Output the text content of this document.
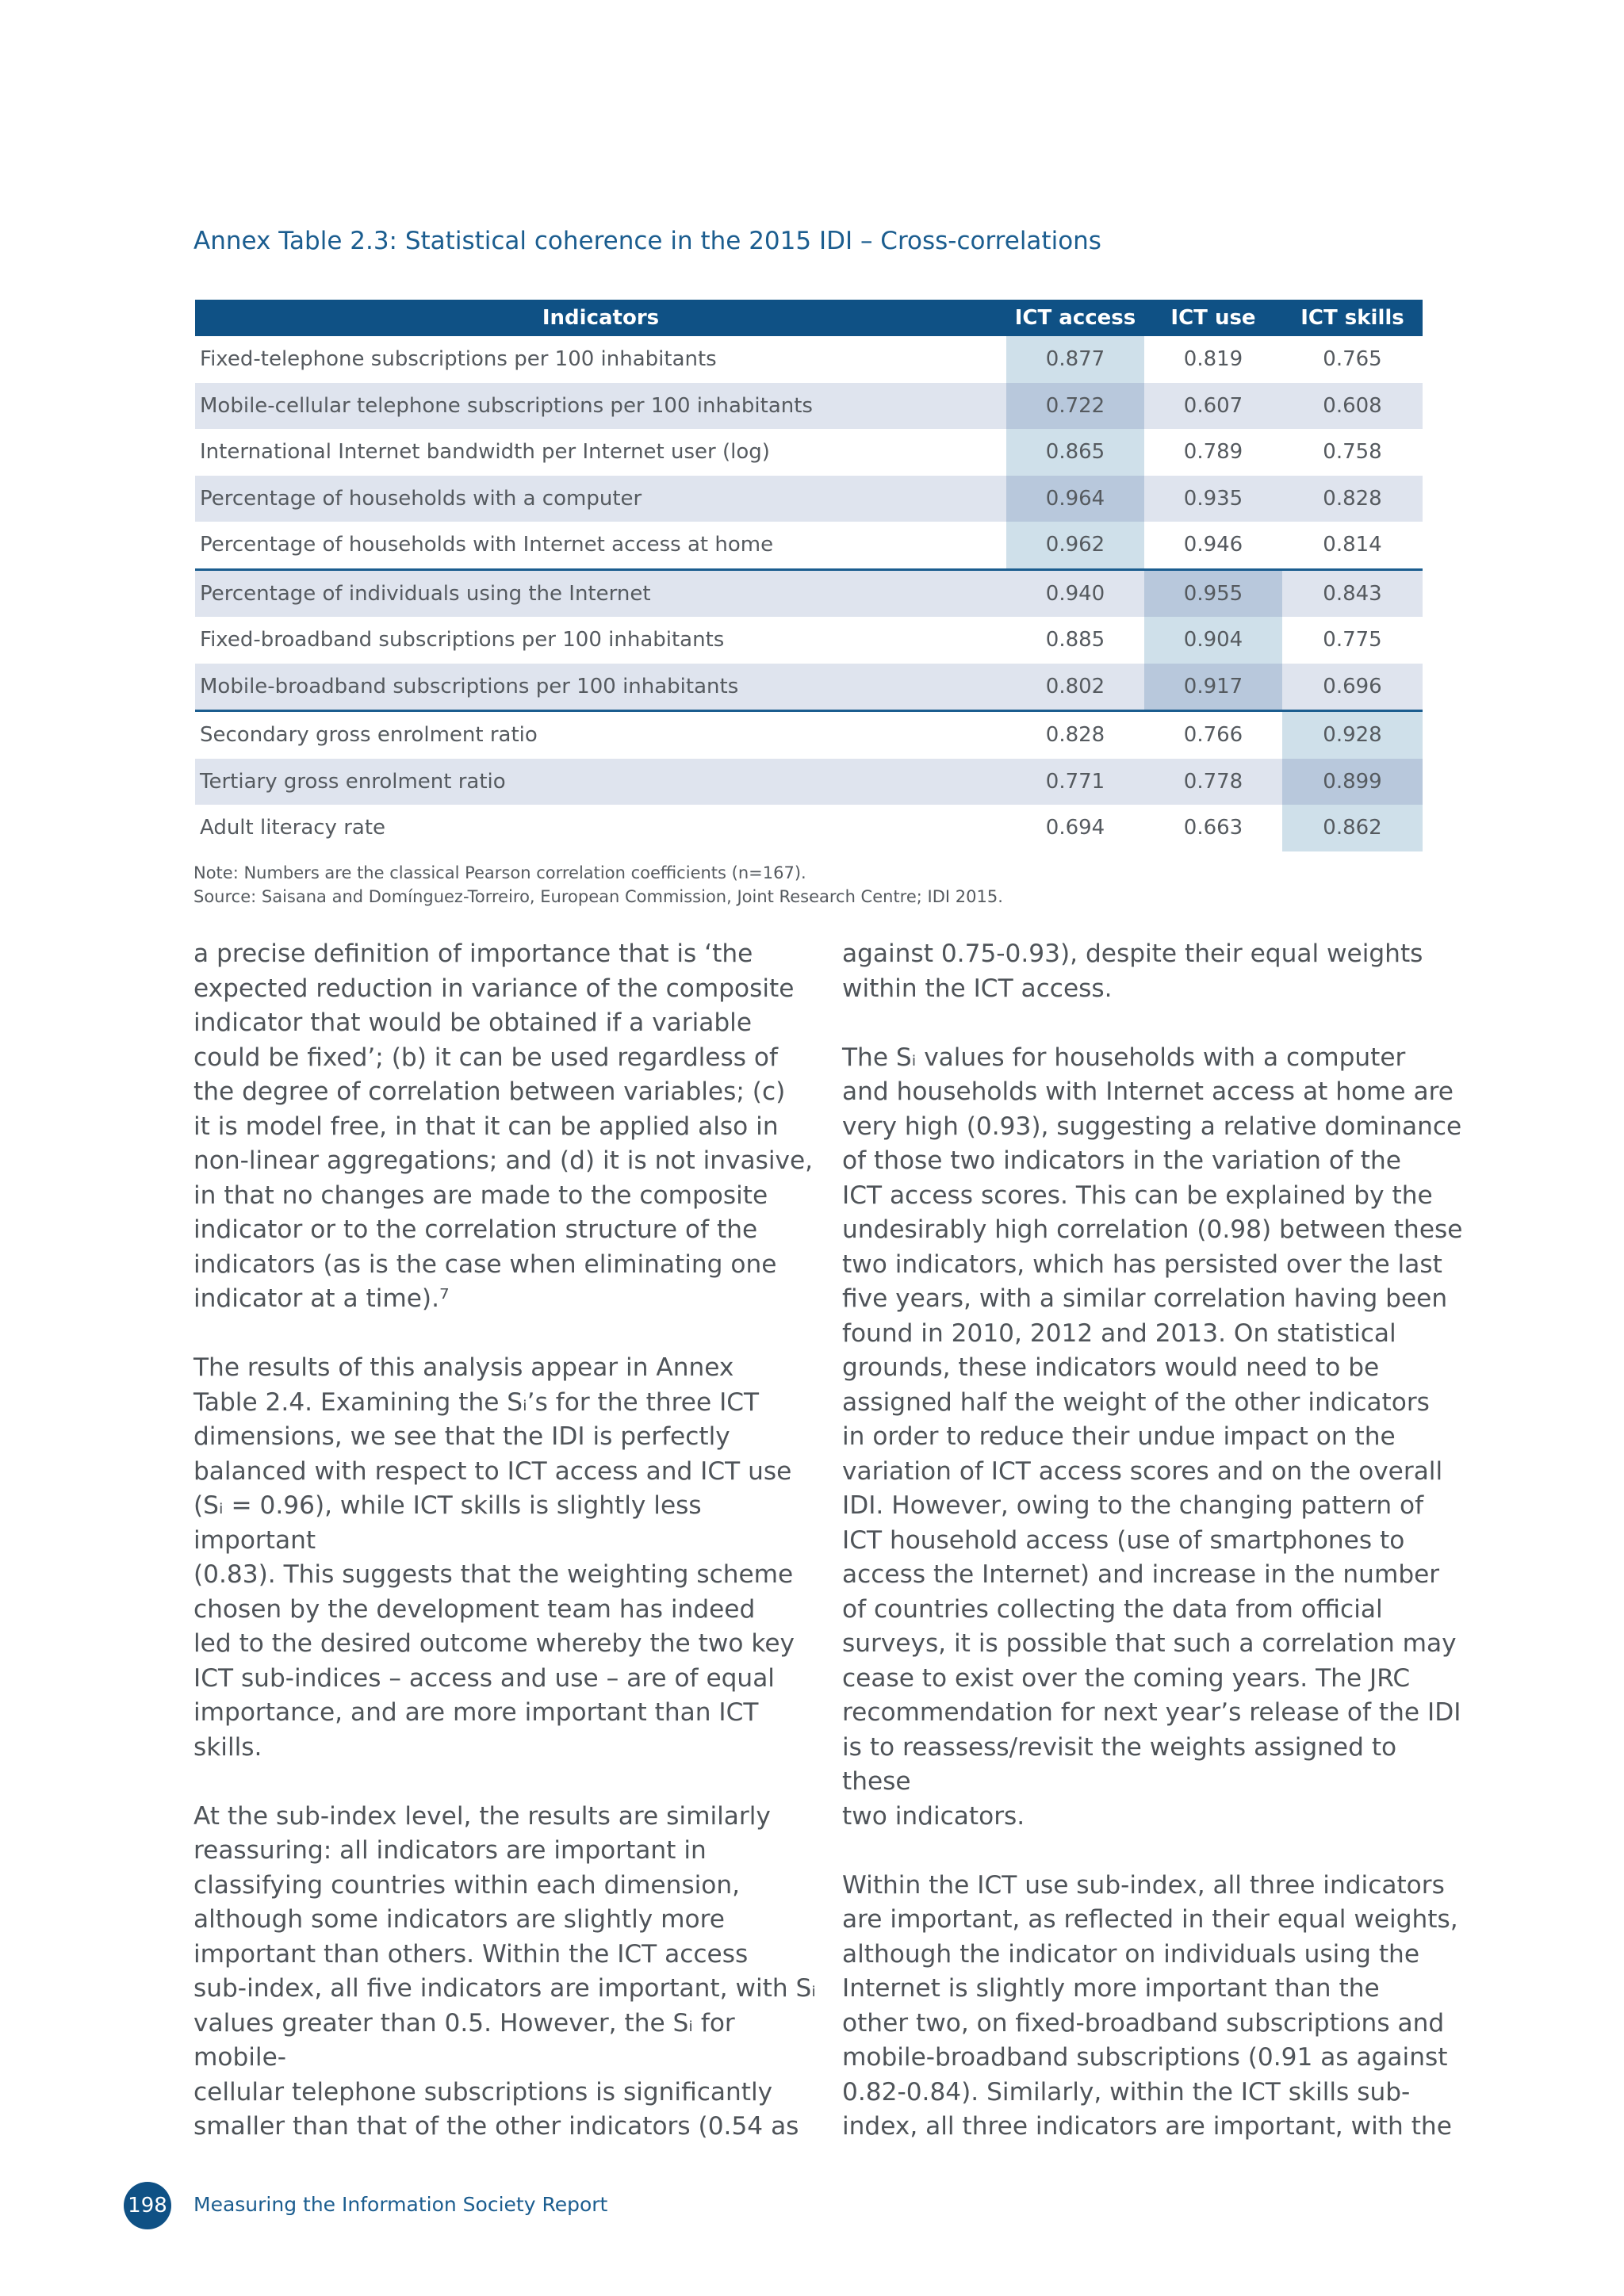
Annex Table 2.3: Statistical coherence in the 2015 IDI – Cross-correlations
Indicators	ICT access	ICT use	ICT skills
Fixed-telephone subscriptions per 100 inhabitants	0.877	0.819	0.765
Mobile-cellular telephone subscriptions per 100 inhabitants	0.722	0.607	0.608
International Internet bandwidth per Internet user (log)	0.865	0.789	0.758
Percentage of households with a computer	0.964	0.935	0.828
Percentage of households with Internet access at home	0.962	0.946	0.814
Percentage of individuals using the Internet	0.940	0.955	0.843
Fixed-broadband subscriptions per 100 inhabitants	0.885	0.904	0.775
Mobile-broadband subscriptions per 100 inhabitants	0.802	0.917	0.696
Secondary gross enrolment ratio	0.828	0.766	0.928
Tertiary gross enrolment ratio	0.771	0.778	0.899
Adult literacy rate	0.694	0.663	0.862
Note: Numbers are the classical Pearson correlation coefficients (n=167).
Source: Saisana and Domínguez-Torreiro, European Commission, Joint Research Centre; IDI 2015.

a precise definition of importance that is ‘the
expected reduction in variance of the composite
indicator that would be obtained if a variable
could be fixed’; (b) it can be used regardless of
the degree of correlation between variables; (c)
it is model free, in that it can be applied also in
non-linear aggregations; and (d) it is not invasive,
in that no changes are made to the composite
indicator or to the correlation structure of the
indicators (as is the case when eliminating one
indicator at a time).⁷

The results of this analysis appear in Annex
Table 2.4. Examining the Sᵢ’s for the three ICT
dimensions, we see that the IDI is perfectly
balanced with respect to ICT access and ICT use
(Sᵢ = 0.96), while ICT skills is slightly less important
(0.83). This suggests that the weighting scheme
chosen by the development team has indeed
led to the desired outcome whereby the two key
ICT sub-indices – access and use – are of equal
importance, and are more important than ICT
skills.

At the sub-index level, the results are similarly
reassuring: all indicators are important in
classifying countries within each dimension,
although some indicators are slightly more
important than others. Within the ICT access
sub-index, all five indicators are important, with Sᵢ
values greater than 0.5. However, the Sᵢ for mobile-
cellular telephone subscriptions is significantly
smaller than that of the other indicators (0.54 as

against 0.75-0.93), despite their equal weights
within the ICT access.

The Sᵢ values for households with a computer
and households with Internet access at home are
very high (0.93), suggesting a relative dominance
of those two indicators in the variation of the
ICT access scores. This can be explained by the
undesirably high correlation (0.98) between these
two indicators, which has persisted over the last
five years, with a similar correlation having been
found in 2010, 2012 and 2013. On statistical
grounds, these indicators would need to be
assigned half the weight of the other indicators
in order to reduce their undue impact on the
variation of ICT access scores and on the overall
IDI. However, owing to the changing pattern of
ICT household access (use of smartphones to
access the Internet) and increase in the number
of countries collecting the data from official
surveys, it is possible that such a correlation may
cease to exist over the coming years. The JRC
recommendation for next year’s release of the IDI
is to reassess/revisit the weights assigned to these
two indicators.

Within the ICT use sub-index, all three indicators
are important, as reflected in their equal weights,
although the indicator on individuals using the
Internet is slightly more important than the
other two, on fixed-broadband subscriptions and
mobile-broadband subscriptions (0.91 as against
0.82-0.84). Similarly, within the ICT skills sub-
index, all three indicators are important, with the

198 Measuring the Information Society Report
